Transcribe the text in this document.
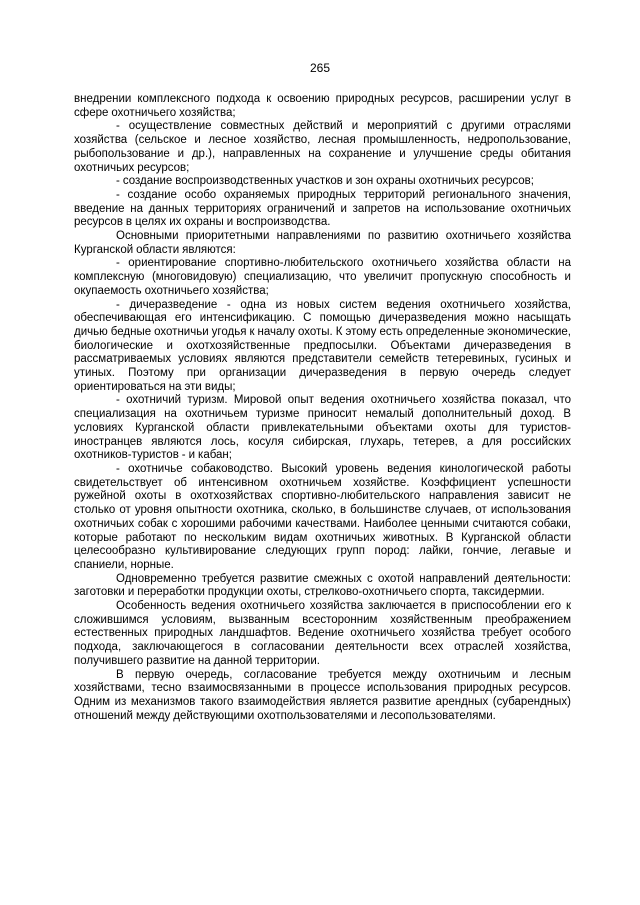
265

внедрении комплексного подхода к освоению природных ресурсов, расширении услуг в сфере охотничьего хозяйства;

- осуществление совместных действий и мероприятий с другими отраслями хозяйства (сельское и лесное хозяйство, лесная промышленность, недропользование, рыбопользование и др.), направленных на сохранение и улучшение среды обитания охотничьих ресурсов;

- создание воспроизводственных участков и зон охраны охотничьих ресурсов;

- создание особо охраняемых природных территорий регионального значения, введение на данных территориях ограничений и запретов на использование охотничьих ресурсов в целях их охраны и воспроизводства.

Основными приоритетными направлениями по развитию охотничьего хозяйства Курганской области являются:

- ориентирование спортивно-любительского охотничьего хозяйства области на комплексную (многовидовую) специализацию, что увеличит пропускную способность и окупаемость охотничьего хозяйства;

- дичеразведение - одна из новых систем ведения охотничьего хозяйства, обеспечивающая его интенсификацию. С помощью дичеразведения можно насыщать дичью бедные охотничьи угодья к началу охоты. К этому есть определенные экономические, биологические и охотхозяйственные предпосылки. Объектами дичеразведения в рассматриваемых условиях являются представители семейств тетеревиных, гусиных и утиных. Поэтому при организации дичеразведения в первую очередь следует ориентироваться на эти виды;

- охотничий туризм. Мировой опыт ведения охотничьего хозяйства показал, что специализация на охотничьем туризме приносит немалый дополнительный доход. В условиях Курганской области привлекательными объектами охоты для туристов-иностранцев являются лось, косуля сибирская, глухарь, тетерев, а для российских охотников-туристов - и кабан;

- охотничье собаководство. Высокий уровень ведения кинологической работы свидетельствует об интенсивном охотничьем хозяйстве. Коэффициент успешности ружейной охоты в охотхозяйствах спортивно-любительского направления зависит не столько от уровня опытности охотника, сколько, в большинстве случаев, от использования охотничьих собак с хорошими рабочими качествами. Наиболее ценными считаются собаки, которые работают по нескольким видам охотничьих животных. В Курганской области целесообразно культивирование следующих групп пород: лайки, гончие, легавые и спаниели, норные.

Одновременно требуется развитие смежных с охотой направлений деятельности: заготовки и переработки продукции охоты, стрелково-охотничьего спорта, таксидермии.

Особенность ведения охотничьего хозяйства заключается в приспособлении его к сложившимся условиям, вызванным всесторонним хозяйственным преображением естественных природных ландшафтов. Ведение охотничьего хозяйства требует особого подхода, заключающегося в согласовании деятельности всех отраслей хозяйства, получившего развитие на данной территории.

В первую очередь, согласование требуется между охотничьим и лесным хозяйствами, тесно взаимосвязанными в процессе использования природных ресурсов. Одним из механизмов такого взаимодействия является развитие арендных (субарендных) отношений между действующими охотпользователями и лесопользователями.
